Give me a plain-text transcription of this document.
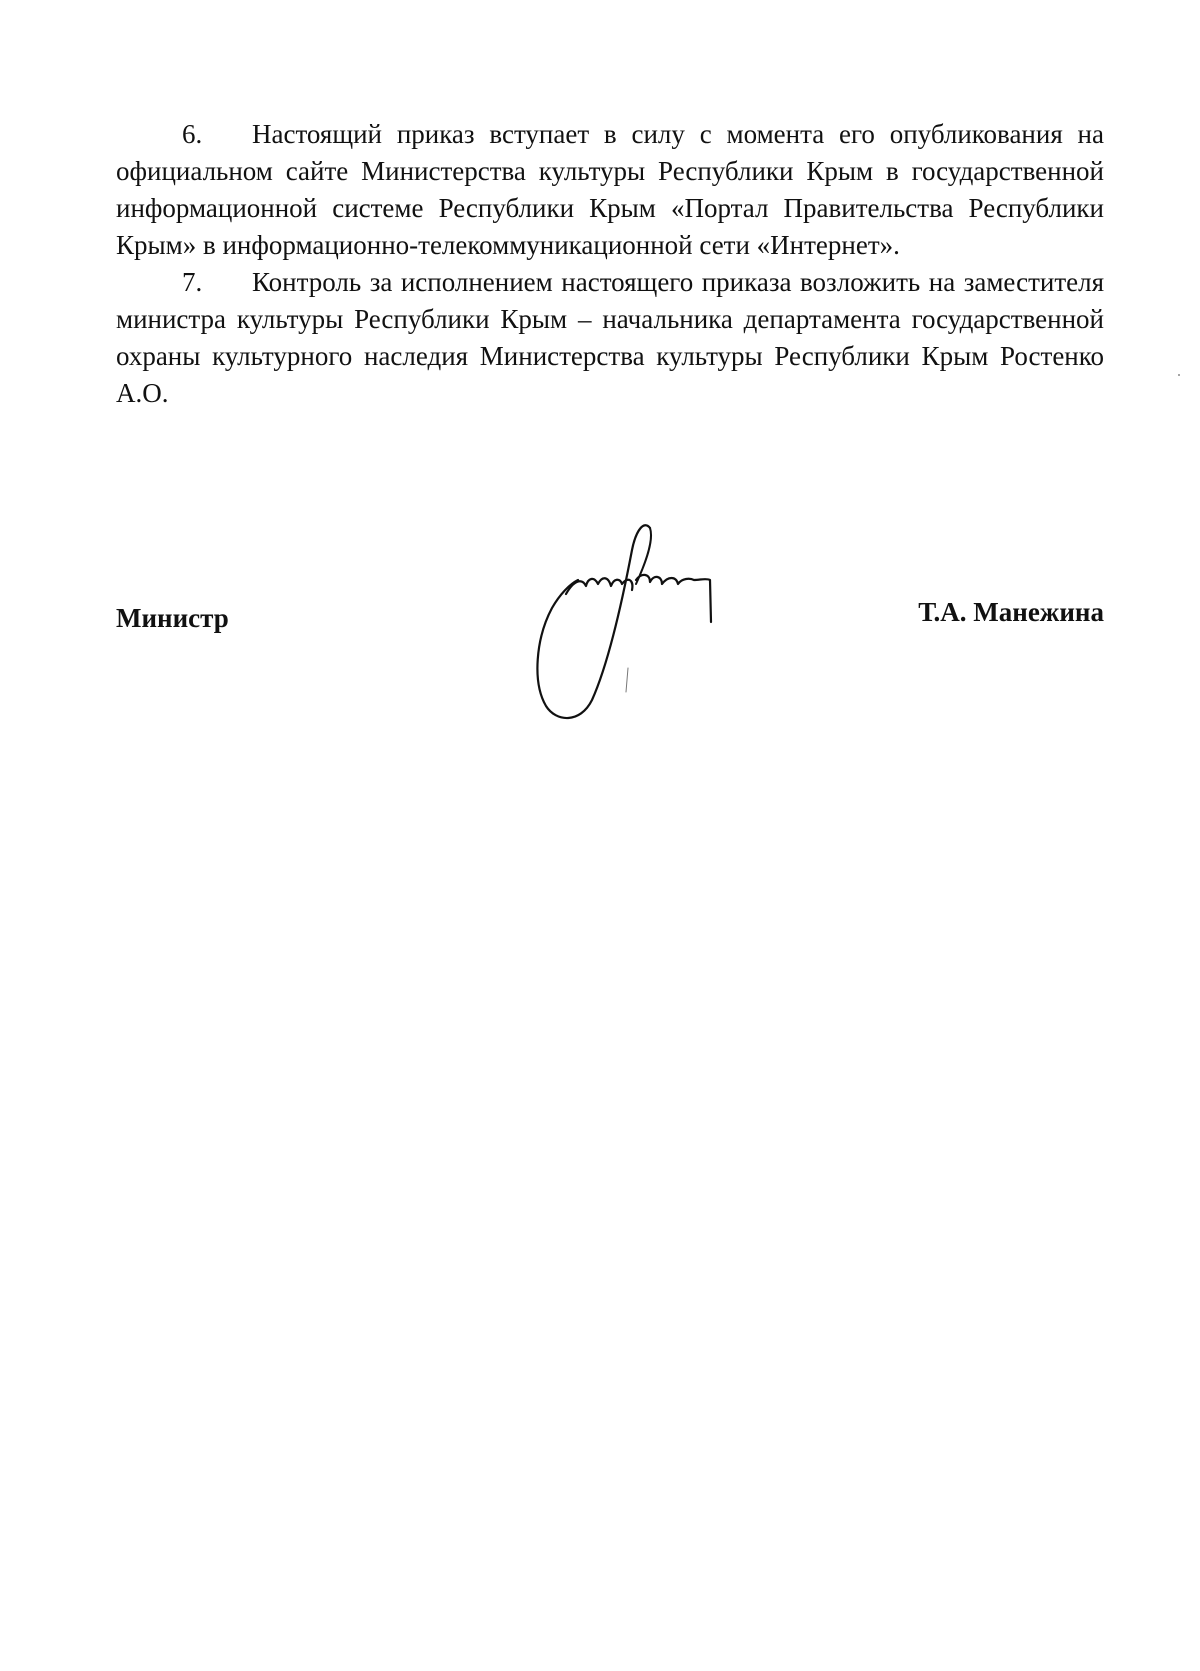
6. Настоящий приказ вступает в силу с момента его опубликования на официальном сайте Министерства культуры Республики Крым в государственной информационной системе Республики Крым «Портал Правительства Республики Крым» в информационно-телекоммуникационной сети «Интернет».

7. Контроль за исполнением настоящего приказа возложить на заместителя министра культуры Республики Крым – начальника департамента государственной охраны культурного наследия Министерства культуры Республики Крым Ростенко А.О.

Министр	Т.А. Манежина
